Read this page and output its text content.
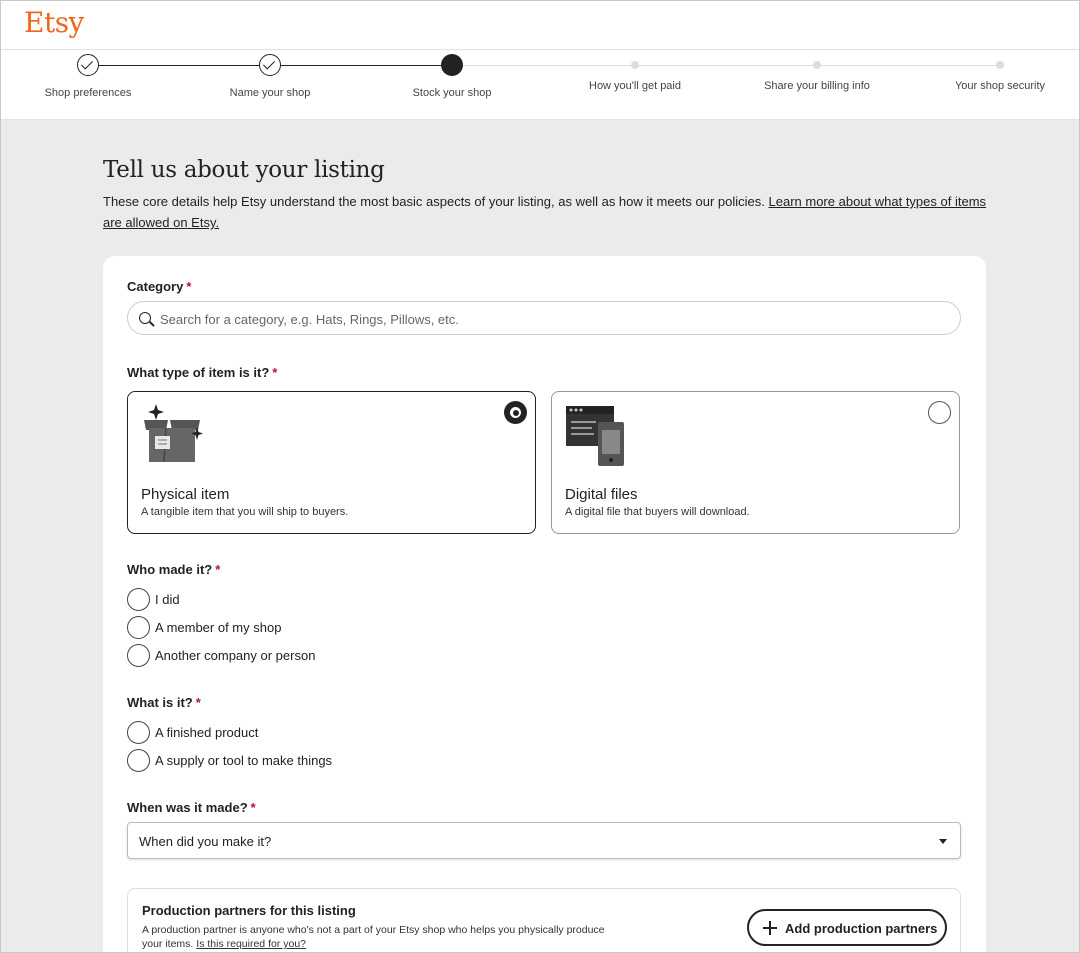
Etsy
Shop preferences	Name your shop	Stock your shop
How you'll get paid	Share your billing info	Your shop security
Tell us about your listing

These core details help Etsy understand the most basic aspects of your listing, as well as how it meets our policies. Learn more about what types of items are allowed on Etsy.

Category *
Search for a category, e.g. Hats, Rings, Pillows, etc.
What type of item is it? *
Physical item
A tangible item that you will ship to buyers.
Digital files
A digital file that buyers will download.
Who made it? *
I did
A member of my shop
Another company or person
What is it? *
A finished product
A supply or tool to make things
When was it made? *
When did you make it?
Production partners for this listing
A production partner is anyone who's not a part of your Etsy shop who helps you physically produce your items. Is this required for you?
Add production partners
